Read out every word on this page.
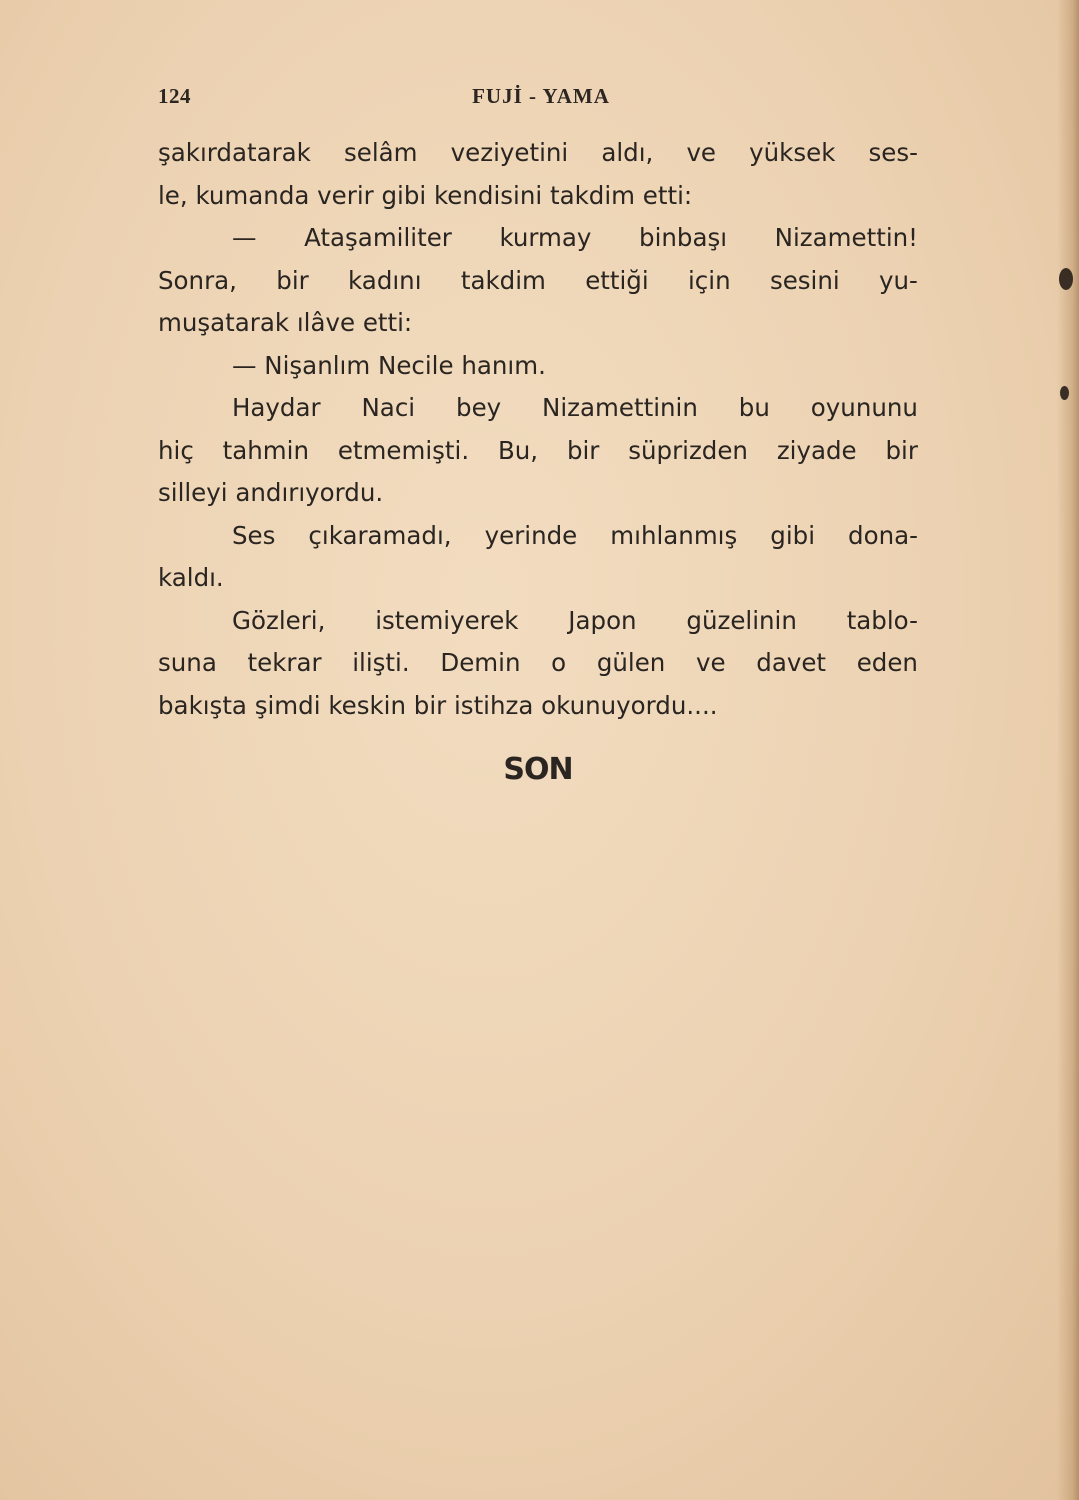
124	FUJİ - YAMA
şakırdatarak selâm veziyetini aldı, ve yüksek ses-
le, kumanda verir gibi kendisini takdim etti:
— Ataşamiliter kurmay binbaşı Nizamettin!
Sonra, bir kadını takdim ettiği için sesini yu-
muşatarak ılâve etti:
— Nişanlım Necile hanım.
Haydar Naci bey Nizamettinin bu oyununu
hiç tahmin etmemişti. Bu, bir süprizden ziyade bir
silleyi andırıyordu.
Ses çıkaramadı, yerinde mıhlanmış gibi dona-
kaldı.
Gözleri, istemiyerek Japon güzelinin tablo-
suna tekrar ilişti. Demin o gülen ve davet eden
bakışta şimdi keskin bir istihza okunuyordu....
SON
